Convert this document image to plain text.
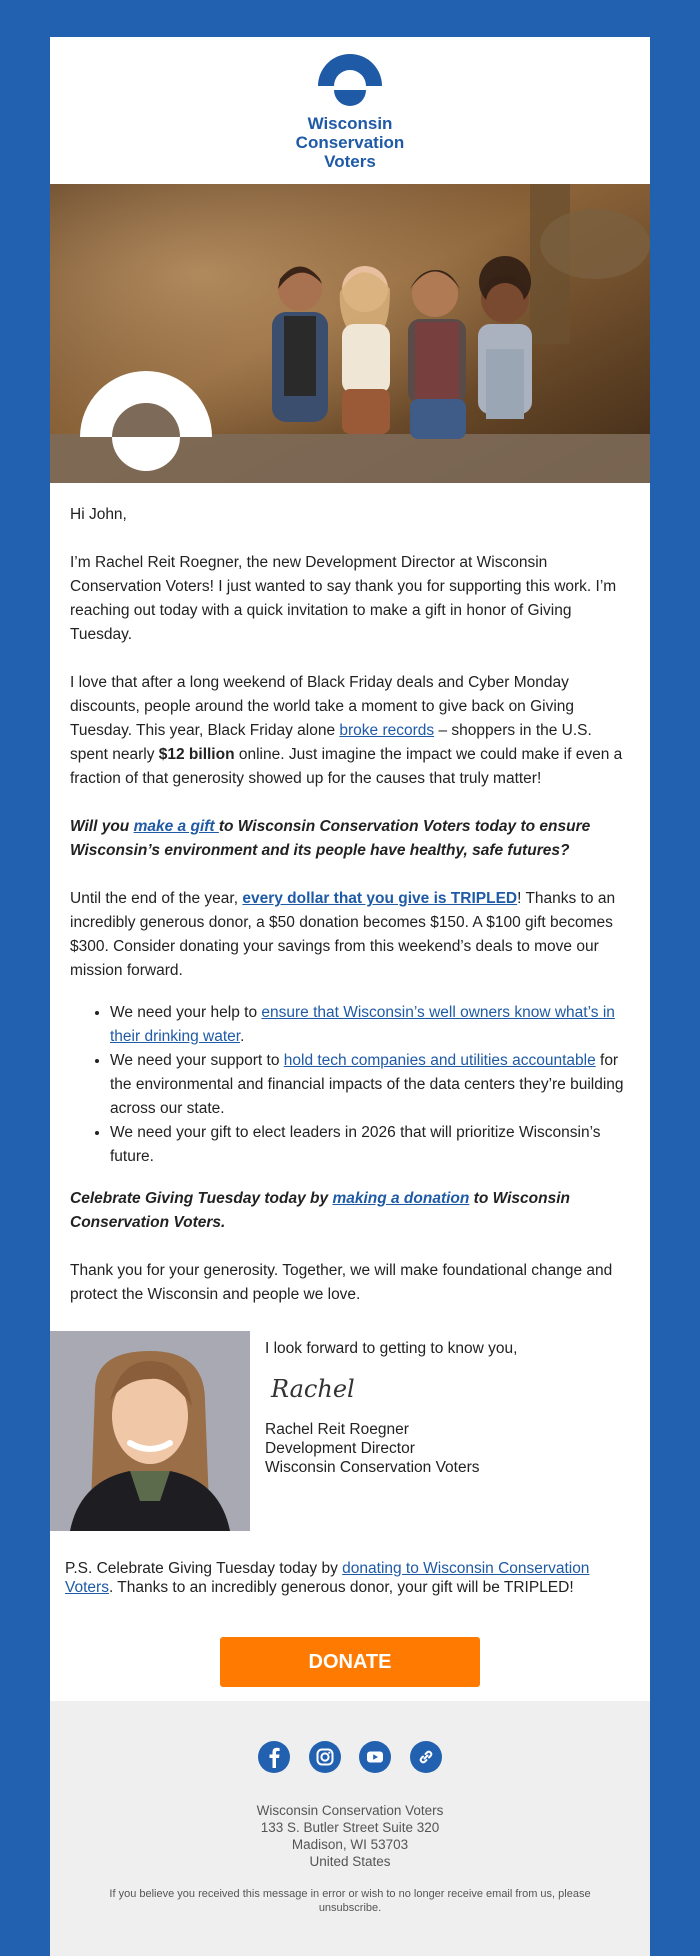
Wisconsin
Conservation
Voters

Hi John,

I’m Rachel Reit Roegner, the new Development Director at Wisconsin Conservation Voters! I just wanted to say thank you for supporting this work. I’m reaching out today with a quick invitation to make a gift in honor of Giving Tuesday.

I love that after a long weekend of Black Friday deals and Cyber Monday discounts, people around the world take a moment to give back on Giving Tuesday. This year, Black Friday alone broke records – shoppers in the U.S. spent nearly $12 billion online. Just imagine the impact we could make if even a fraction of that generosity showed up for the causes that truly matter!

Will you make a gift to Wisconsin Conservation Voters today to ensure Wisconsin’s environment and its people have healthy, safe futures?

Until the end of the year, every dollar that you give is TRIPLED! Thanks to an incredibly generous donor, a $50 donation becomes $150. A $100 gift becomes $300. Consider donating your savings from this weekend’s deals to move our mission forward.

• We need your help to ensure that Wisconsin’s well owners know what’s in their drinking water.
• We need your support to hold tech companies and utilities accountable for the environmental and financial impacts of the data centers they’re building across our state.
• We need your gift to elect leaders in 2026 that will prioritize Wisconsin’s future.

Celebrate Giving Tuesday today by making a donation to Wisconsin Conservation Voters.

Thank you for your generosity. Together, we will make foundational change and protect the Wisconsin and people we love.

I look forward to getting to know you,
Rachel
Rachel Reit Roegner
Development Director
Wisconsin Conservation Voters
P.S. Celebrate Giving Tuesday today by donating to Wisconsin Conservation Voters. Thanks to an incredibly generous donor, your gift will be TRIPLED!
DONATE

Wisconsin Conservation Voters
133 S. Butler Street Suite 320
Madison, WI 53703
United States
If you believe you received this message in error or wish to no longer receive email from us, please unsubscribe.
